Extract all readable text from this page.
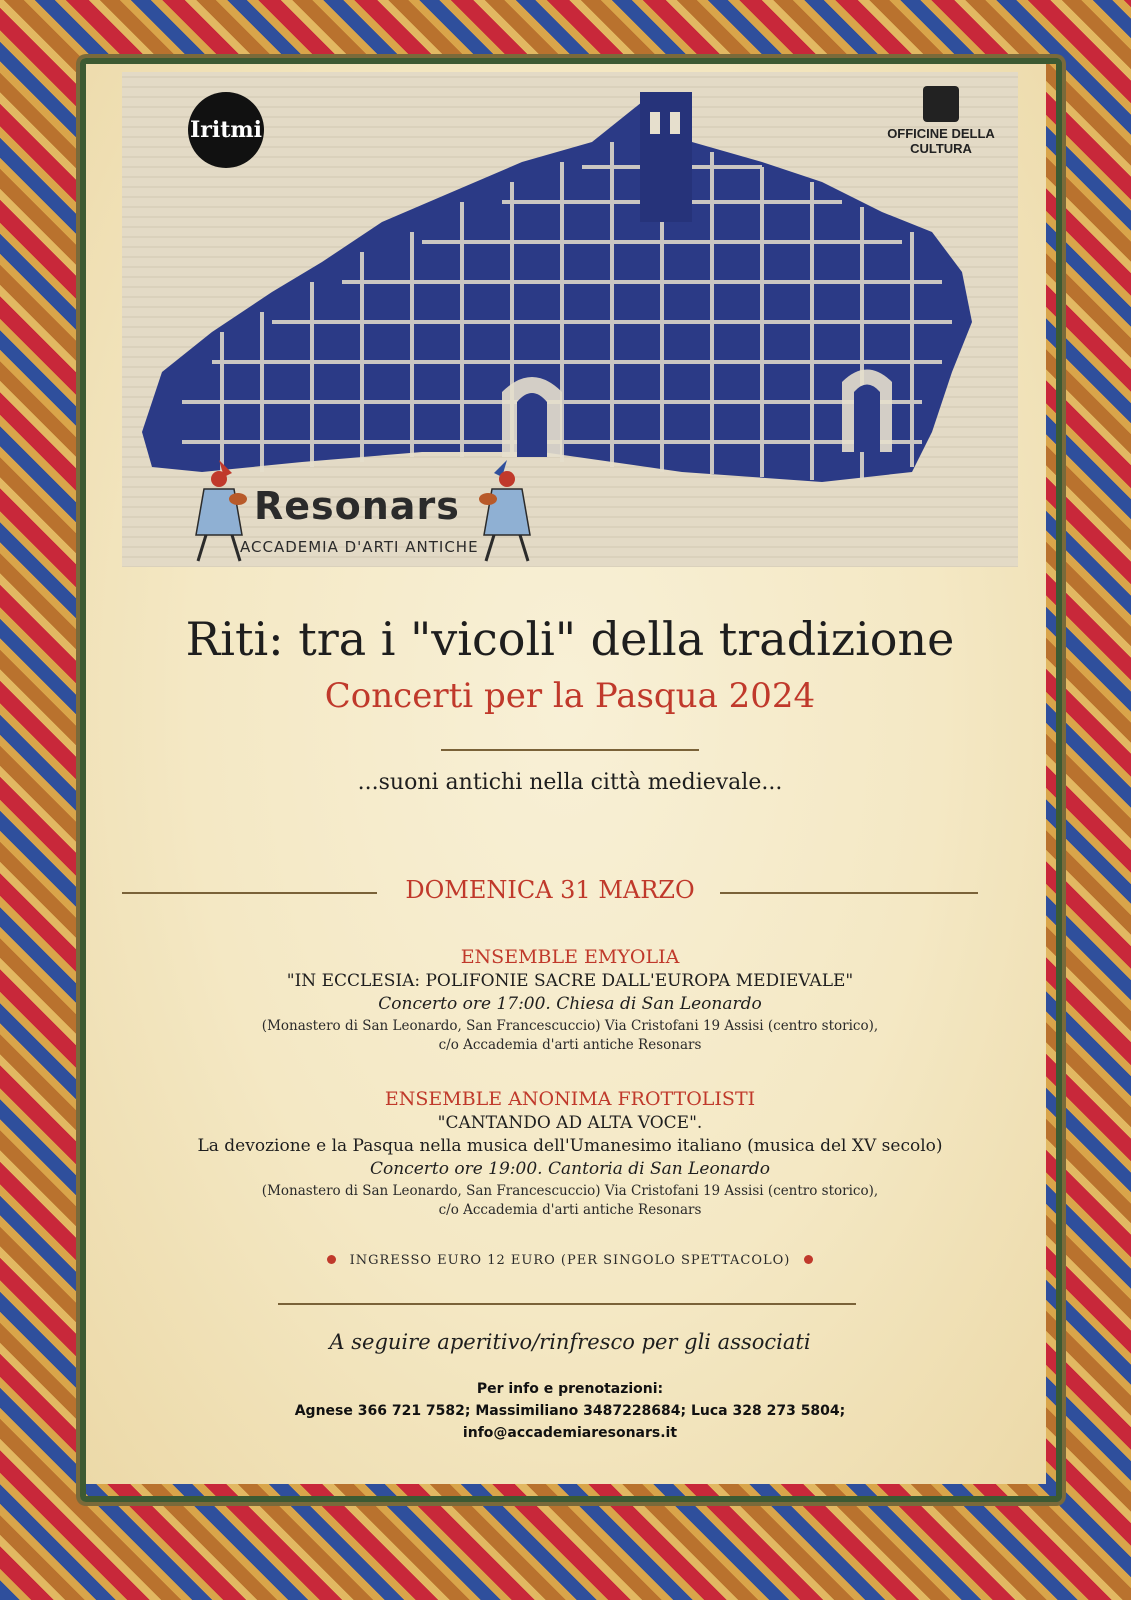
Iritmi	OFFICINE DELLA CULTURA
Resonars
ACCADEMIA D'ARTI ANTICHE
Riti: tra i "vicoli" della tradizione
Concerti per la Pasqua 2024
...suoni antichi nella città medievale...
DOMENICA 31 MARZO
ENSEMBLE EMYOLIA
"IN ECCLESIA: POLIFONIE SACRE DALL'EUROPA MEDIEVALE"
Concerto ore 17:00. Chiesa di San Leonardo
(Monastero di San Leonardo, San Francescuccio) Via Cristofani 19 Assisi (centro storico),
c/o Accademia d'arti antiche Resonars
ENSEMBLE ANONIMA FROTTOLISTI
"CANTANDO AD ALTA VOCE".
La devozione e la Pasqua nella musica dell'Umanesimo italiano (musica del XV secolo)
Concerto ore 19:00. Cantoria di San Leonardo
(Monastero di San Leonardo, San Francescuccio) Via Cristofani 19 Assisi (centro storico),
c/o Accademia d'arti antiche Resonars
INGRESSO EURO 12 EURO (PER SINGOLO SPETTACOLO)
A seguire aperitivo/rinfresco per gli associati
Per info e prenotazioni:
Agnese 366 721 7582; Massimiliano 3487228684; Luca 328 273 5804;
info@accademiaresonars.it
